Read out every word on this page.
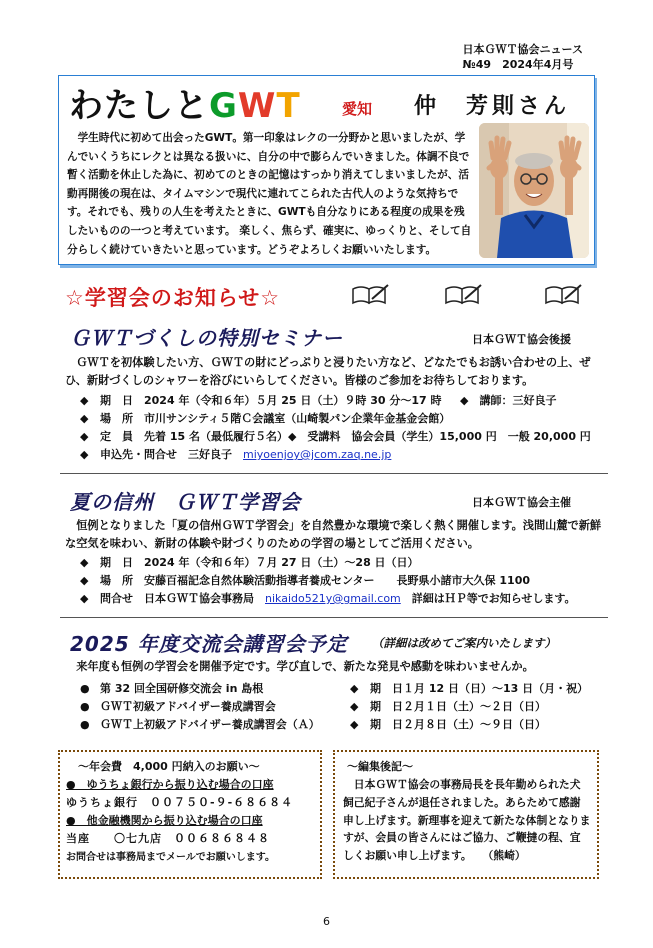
日本ＧＷＴ協会ニュース
№49　2024年4月号
わたしとGWT	愛知 仲　芳則さん
学生時代に初めて出会ったGWT。第一印象はレクの一分野かと思いましたが、学んでいくうちにレクとは異なる扱いに、自分の中で膨らんでいきました。体調不良で暫く活動を休止した為に、初めてのときの記憶はすっかり消えてしまいましたが、活動再開後の現在は、タイムマシンで現代に連れてこられた古代人のような気持ちです。それでも、残りの人生を考えたときに、GWTも自分なりにある程度の成果を残したいものの一つと考えています。 楽しく、焦らず、確実に、ゆっくりと、そして自分らしく続けていきたいと思っています。どうぞよろしくお願いいたします。
☆学習会のお知らせ☆
ＧＷＴづくしの特別セミナー	日本ＧＷＴ協会後援
ＧＷＴを初体験したい方、ＧＷＴの財にどっぷりと浸りたい方など、どなたでもお誘い合わせの上、ぜひ、新財づくしのシャワーを浴びにいらしてください。皆様のご参加をお待ちしております。
◆ 期　日　2024 年（令和６年）５月 25 日（土）９時 30 分～17 時 ◆　講師：三好良子
◆ 場　所　市川サンシティ５階Ｃ会議室（山崎製パン企業年金基金会館）
◆ 定　員　先着 15 名（最低履行５名）◆　受講料　協会会員（学生）15,000 円　一般 20,000 円
◆ 申込先・問合せ　三好良子　 miyoenjoy@jcom.zaq.ne.jp
夏の信州　ＧＷＴ学習会	日本ＧＷＴ協会主催
恒例となりました「夏の信州ＧＷＴ学習会」を自然豊かな環境で楽しく熱く開催します。浅間山麓で新鮮な空気を味わい、新財の体験や財づくりのための学習の場としてご活用ください。
◆ 期　日　2024 年（令和６年）７月 27 日（土）～28 日（日）
◆ 場　所　安藤百福記念自然体験活動指導者養成センター　　長野県小諸市大久保 1100
◆ 問合せ　日本ＧＷＴ協会事務局　 nikaido521y@gmail.com　 詳細はＨＰ等でお知らせします。
2025 年度交流会講習会予定 （詳細は改めてご案内いたします）
来年度も恒例の学習会を開催予定です。学び直しで、新たな発見や感動を味わいませんか。
● 第 32 回全国研修交流会 in 島根	◆ 期　日１月 12 日（日）～13 日（月・祝）
● ＧＷＴ初級アドバイザー養成講習会	◆ 期　日２月１日（土）～２日（日）
● ＧＷＴ上初級アドバイザー養成講習会（Ａ）	◆ 期　日２月８日（土）～９日（日）
～年会費　4,000 円納入のお願い～
●　ゆうちょ銀行から振り込む場合の口座
ゆうちょ銀行　００７５０-９-６８６８４
●　他金融機関から振り込む場合の口座
当座　　〇七九店　００６８６８４８
お問合せは事務局までメールでお願いします。
～編集後記～
日本ＧＷＴ協会の事務局長を長年勤められた犬飼己紀子さんが退任されました。あらためて感謝申し上げます。新理事を迎えて新たな体制となりますが、会員の皆さんにはご協力、ご鞭撻の程、宜しくお願い申し上げます。　　 （熊崎）
6
